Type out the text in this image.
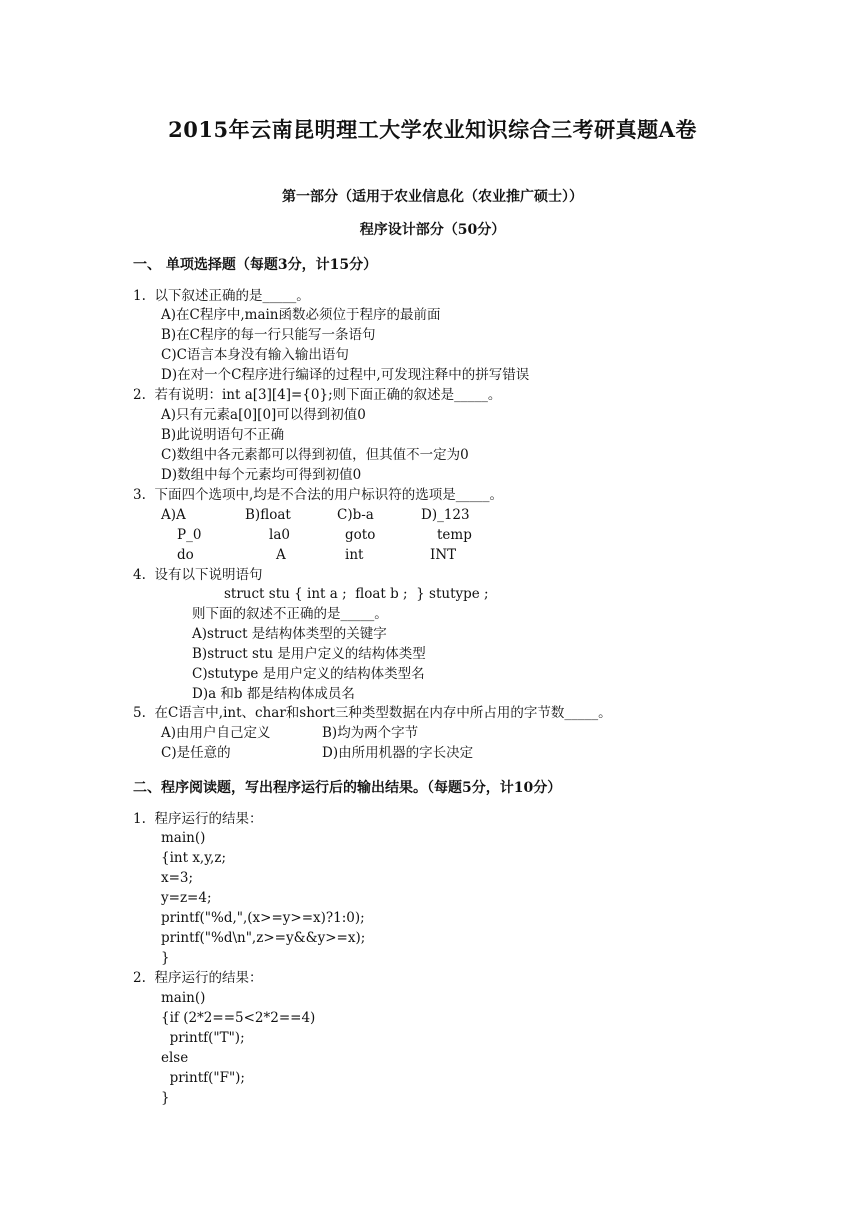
2015年云南昆明理工大学农业知识综合三考研真题A卷
第一部分（适用于农业信息化（农业推广硕士））
程序设计部分（50分）
一、 单项选择题（每题3分，计15分）
1.  以下叙述正确的是_____。
A)在C程序中,main函数必须位于程序的最前面
B)在C程序的每一行只能写一条语句
C)C语言本身没有输入输出语句
D)在对一个C程序进行编译的过程中,可发现注释中的拼写错误
2.  若有说明：int a[3][4]={0};则下面正确的叙述是_____。
A)只有元素a[0][0]可以得到初值0
B)此说明语句不正确
C)数组中各元素都可以得到初值，但其值不一定为0
D)数组中每个元素均可得到初值0
3.  下面四个选项中,均是不合法的用户标识符的选项是_____。
A)A	B)float	C)b-a	D)_123
P_0	la0	goto	temp
do	A	int	INT
4.  设有以下说明语句
struct stu { int a ;  float b ;  } stutype ;
则下面的叙述不正确的是_____。
A)struct 是结构体类型的关键字
B)struct stu 是用户定义的结构体类型
C)stutype 是用户定义的结构体类型名
D)a 和b 都是结构体成员名
5.  在C语言中,int、char和short三种类型数据在内存中所占用的字节数_____。
A)由用户自己定义	B)均为两个字节
C)是任意的	D)由所用机器的字长决定
二、程序阅读题，写出程序运行后的输出结果。（每题5分，计10分）
1.  程序运行的结果：
main()
{int x,y,z;
x=3;
y=z=4;
printf("%d,",(x>=y>=x)?1:0);
printf("%d\n",z>=y&&y>=x);
}
2.  程序运行的结果：
main()
{if (2*2==5<2*2==4)
printf("T");
else
printf("F");
}
